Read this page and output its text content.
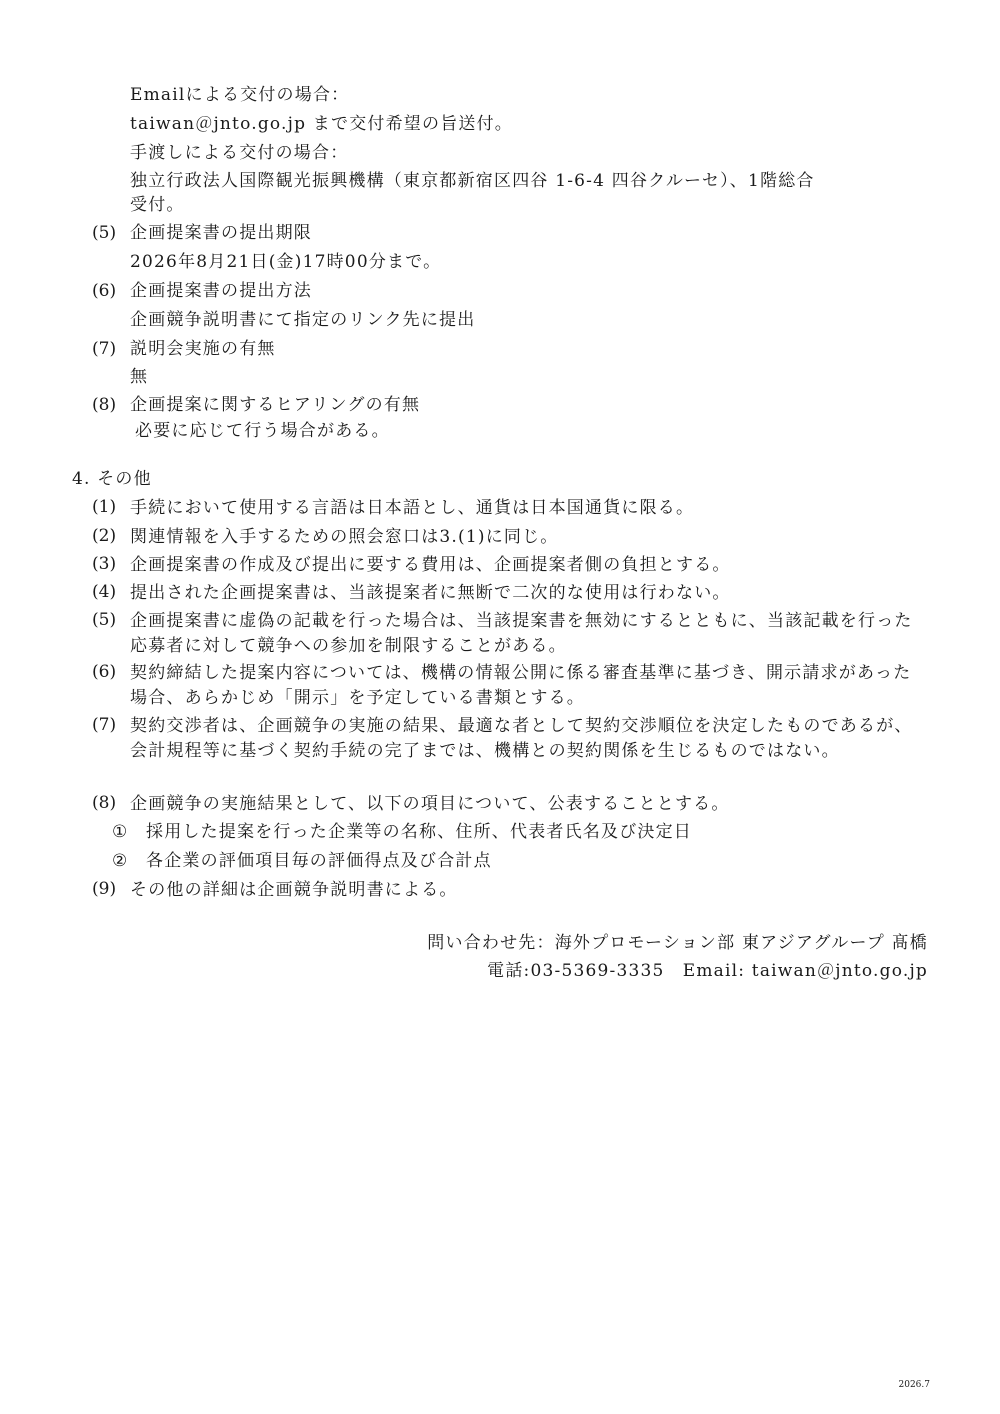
Emailによる交付の場合：
taiwan＠jnto.go.jp まで交付希望の旨送付。
手渡しによる交付の場合：
独立行政法人国際観光振興機構（東京都新宿区四谷 1-6-4 四谷クルーセ）、1階総合
受付。
(5) 企画提案書の提出期限
2026年8月21日(金)17時00分まで。
(6) 企画提案書の提出方法
企画競争説明書にて指定のリンク先に提出
(7) 説明会実施の有無
無
(8) 企画提案に関するヒアリングの有無
必要に応じて行う場合がある。
4. その他
(1) 手続において使用する言語は日本語とし、通貨は日本国通貨に限る。
(2) 関連情報を入手するための照会窓口は3.(1)に同じ。
(3) 企画提案書の作成及び提出に要する費用は、企画提案者側の負担とする。
(4) 提出された企画提案書は、当該提案者に無断で二次的な使用は行わない。
(5) 企画提案書に虚偽の記載を行った場合は、当該提案書を無効にするとともに、当該記載を行った応募者に対して競争への参加を制限することがある。
(6) 契約締結した提案内容については、機構の情報公開に係る審査基準に基づき、開示請求があった場合、あらかじめ「開示」を予定している書類とする。
(7) 契約交渉者は、企画競争の実施の結果、最適な者として契約交渉順位を決定したものであるが、会計規程等に基づく契約手続の完了までは、機構との契約関係を生じるものではない。
(8) 企画競争の実施結果として、以下の項目について、公表することとする。
①	採用した提案を行った企業等の名称、住所、代表者氏名及び決定日
②	各企業の評価項目毎の評価得点及び合計点
(9) その他の詳細は企画競争説明書による。
問い合わせ先：海外プロモーション部 東アジアグループ 髙橋
電話:03-5369-3335　Email: taiwan＠jnto.go.jp
2026.7
